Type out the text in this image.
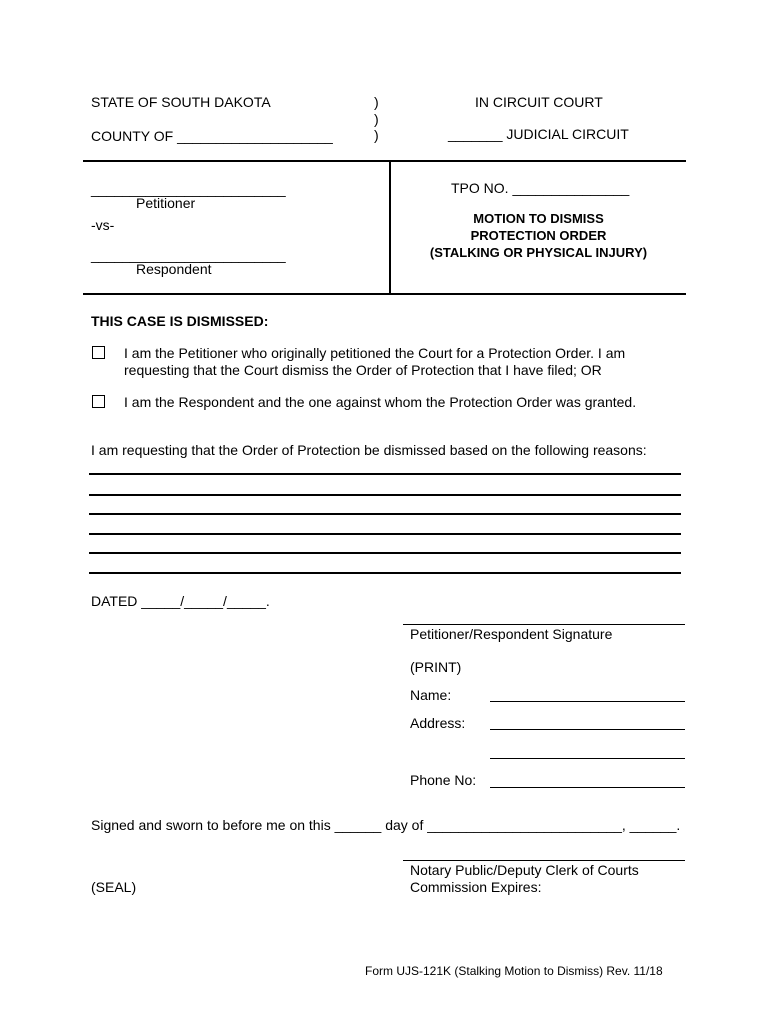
STATE OF SOUTH DAKOTA
COUNTY OF ____________________
)
)
)
IN CIRCUIT COURT
_______ JUDICIAL CIRCUIT
_________________________
Petitioner
-vs-
_________________________
Respondent
TPO NO. _______________
MOTION TO DISMISS
PROTECTION ORDER
(STALKING OR PHYSICAL INJURY)
THIS CASE IS DISMISSED:
I am the Petitioner who originally petitioned the Court for a Protection Order. I am
requesting that the Court dismiss the Order of Protection that I have filed; OR
I am the Respondent and the one against whom the Protection Order was granted.
I am requesting that the Order of Protection be dismissed based on the following reasons:
DATED _____/_____/_____.
Petitioner/Respondent Signature
(PRINT)
Name:
Address:
Phone No:
Signed and sworn to before me on this ______ day of _________________________, ______.
Notary Public/Deputy Clerk of Courts
Commission Expires:
(SEAL)
Form UJS-121K (Stalking Motion to Dismiss) Rev. 11/18
